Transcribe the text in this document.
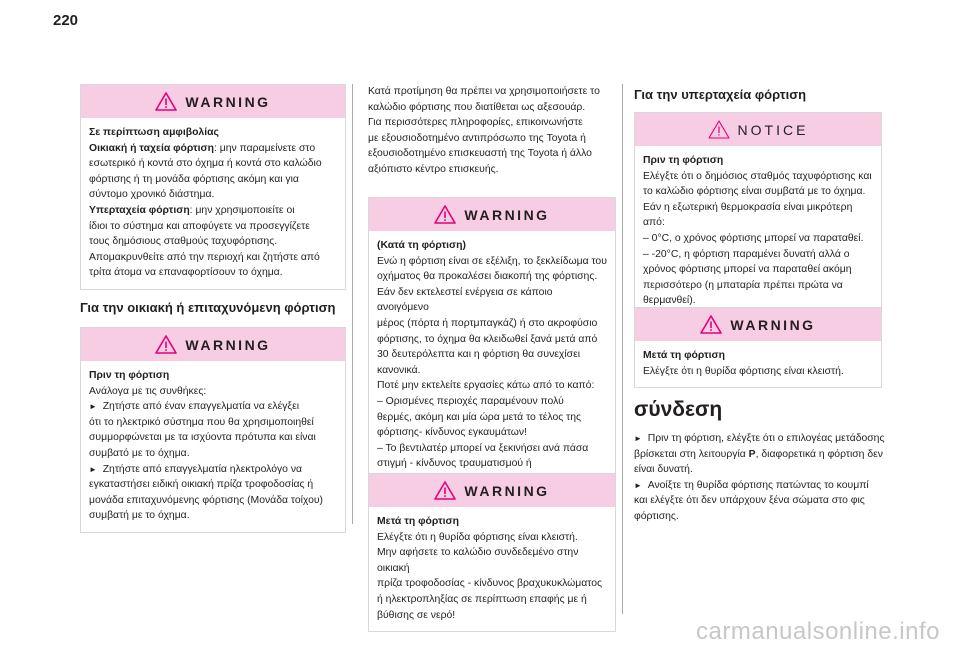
220
WARNING

Σε περίπτωση αμφιβολίας

Οικιακή ή ταχεία φόρτιση: μην παραμείνετε στο

εσωτερικό ή κοντά στο όχημα ή κοντά στο καλώδιο

φόρτισης ή τη μονάδα φόρτισης ακόμη και για

σύντομο χρονικό διάστημα.

Υπερταχεία φόρτιση: μην χρησιμοποιείτε οι

ίδιοι το σύστημα και αποφύγετε να προσεγγίζετε

τους δημόσιους σταθμούς ταχυφόρτισης.

Απομακρυνθείτε από την περιοχή και ζητήστε από

τρίτα άτομα να επαναφορτίσουν το όχημα.

Για την οικιακή ή επιταχυνόμενη φόρτιση
WARNING

Πριν τη φόρτιση

Ανάλογα με τις συνθήκες:

► Ζητήστε από έναν επαγγελματία να ελέγξει

ότι το ηλεκτρικό σύστημα που θα χρησιμοποιηθεί

συμμορφώνεται με τα ισχύοντα πρότυπα και είναι

συμβατό με το όχημα.

► Ζητήστε από επαγγελματία ηλεκτρολόγο να

εγκαταστήσει ειδική οικιακή πρίζα τροφοδοσίας ή

μονάδα επιταχυνόμενης φόρτισης (Μονάδα τοίχου)

συμβατή με το όχημα.

Κατά προτίμηση θα πρέπει να χρησιμοποιήσετε το

καλώδιο φόρτισης που διατίθεται ως αξεσουάρ.

Για περισσότερες πληροφορίες, επικοινωνήστε

με εξουσιοδοτημένο αντιπρόσωπο της Toyota ή

εξουσιοδοτημένο επισκευαστή της Toyota ή άλλο

αξιόπιστο κέντρο επισκευής.

WARNING

(Κατά τη φόρτιση)

Ενώ η φόρτιση είναι σε εξέλιξη, το ξεκλείδωμα του

οχήματος θα προκαλέσει διακοπή της φόρτισης.

Εάν δεν εκτελεστεί ενέργεια σε κάποιο ανοιγόμενο

μέρος (πόρτα ή πορτμπαγκάζ) ή στο ακροφύσιο

φόρτισης, το όχημα θα κλειδωθεί ξανά μετά από

30 δευτερόλεπτα και η φόρτιση θα συνεχίσει

κανονικά.

Ποτέ μην εκτελείτε εργασίες κάτω από το καπό:

– Ορισμένες περιοχές παραμένουν πολύ

θερμές, ακόμη και μία ώρα μετά το τέλος της

φόρτισης- κίνδυνος εγκαυμάτων!

– Το βεντιλατέρ μπορεί να ξεκινήσει ανά πάσα

στιγμή - κίνδυνος τραυματισμού ή

WARNING

Μετά τη φόρτιση

Ελέγξτε ότι η θυρίδα φόρτισης είναι κλειστή.

Μην αφήσετε το καλώδιο συνδεδεμένο στην οικιακή

πρίζα τροφοδοσίας - κίνδυνος βραχυκυκλώματος

ή ηλεκτροπληξίας σε περίπτωση επαφής με ή

βύθισης σε νερό!

Για την υπερταχεία φόρτιση
NOTICE

Πριν τη φόρτιση

Ελέγξτε ότι ο δημόσιος σταθμός ταχυφόρτισης και

το καλώδιο φόρτισης είναι συμβατά με το όχημα.

Εάν η εξωτερική θερμοκρασία είναι μικρότερη από:

– 0°C, ο χρόνος φόρτισης μπορεί να παραταθεί.

– -20°C, η φόρτιση παραμένει δυνατή αλλά ο

χρόνος φόρτισης μπορεί να παραταθεί ακόμη

περισσότερο (η μπαταρία πρέπει πρώτα να

θερμανθεί).

WARNING

Μετά τη φόρτιση

Ελέγξτε ότι η θυρίδα φόρτισης είναι κλειστή.

σύνδεση

► Πριν τη φόρτιση, ελέγξτε ότι ο επιλογέας μετάδοσης

βρίσκεται στη λειτουργία P, διαφορετικά η φόρτιση δεν

είναι δυνατή.

► Ανοίξτε τη θυρίδα φόρτισης πατώντας το κουμπί

και ελέγξτε ότι δεν υπάρχουν ξένα σώματα στο φις

φόρτισης.

carmanualsonline.info
